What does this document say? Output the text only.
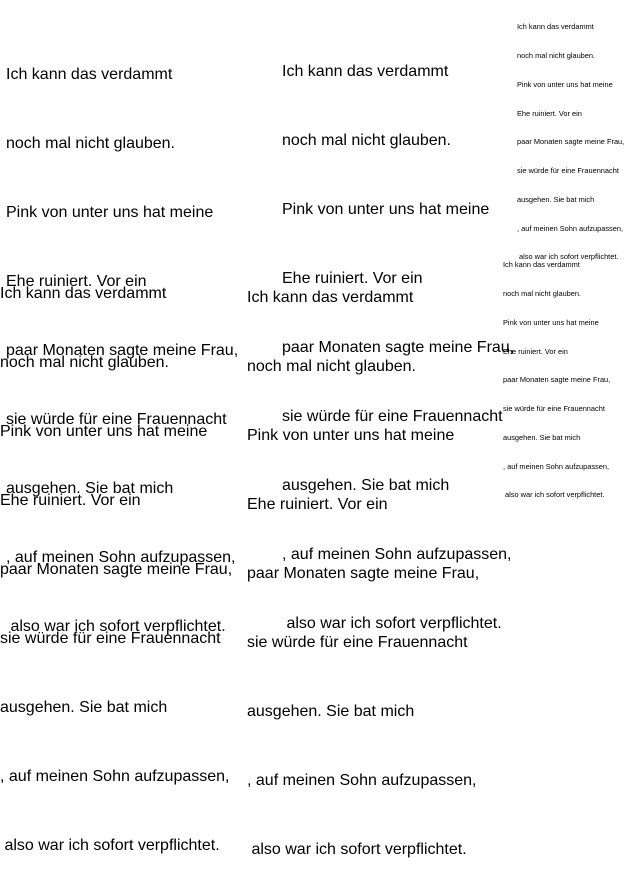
Ich kann das verdammt

noch mal nicht glauben.

Pink von unter uns hat meine

Ehe ruiniert. Vor ein

paar Monaten sagte meine Frau,

sie würde für eine Frauennacht

ausgehen. Sie bat mich

, auf meinen Sohn aufzupassen,

also war ich sofort verpflichtet.

Ich kann das verdammt

noch mal nicht glauben.

Pink von unter uns hat meine

Ehe ruiniert. Vor ein

paar Monaten sagte meine Frau,

sie würde für eine Frauennacht

ausgehen. Sie bat mich

, auf meinen Sohn aufzupassen,

also war ich sofort verpflichtet.

Ich kann das verdammt

noch mal nicht glauben.

Pink von unter uns hat meine

Ehe ruiniert. Vor ein

paar Monaten sagte meine Frau,

sie würde für eine Frauennacht

ausgehen. Sie bat mich

, auf meinen Sohn aufzupassen,

also war ich sofort verpflichtet.

Ich kann das verdammt

noch mal nicht glauben.

Pink von unter uns hat meine

Ehe ruiniert. Vor ein

paar Monaten sagte meine Frau,

sie würde für eine Frauennacht

ausgehen. Sie bat mich

, auf meinen Sohn aufzupassen,

also war ich sofort verpflichtet.

Ich kann das verdammt

noch mal nicht glauben.

Pink von unter uns hat meine

Ehe ruiniert. Vor ein

paar Monaten sagte meine Frau,

sie würde für eine Frauennacht

ausgehen. Sie bat mich

, auf meinen Sohn aufzupassen,

also war ich sofort verpflichtet.

Ich kann das verdammt

noch mal nicht glauben.

Pink von unter uns hat meine

Ehe ruiniert. Vor ein

paar Monaten sagte meine Frau,

sie würde für eine Frauennacht

ausgehen. Sie bat mich

, auf meinen Sohn aufzupassen,

also war ich sofort verpflichtet.
